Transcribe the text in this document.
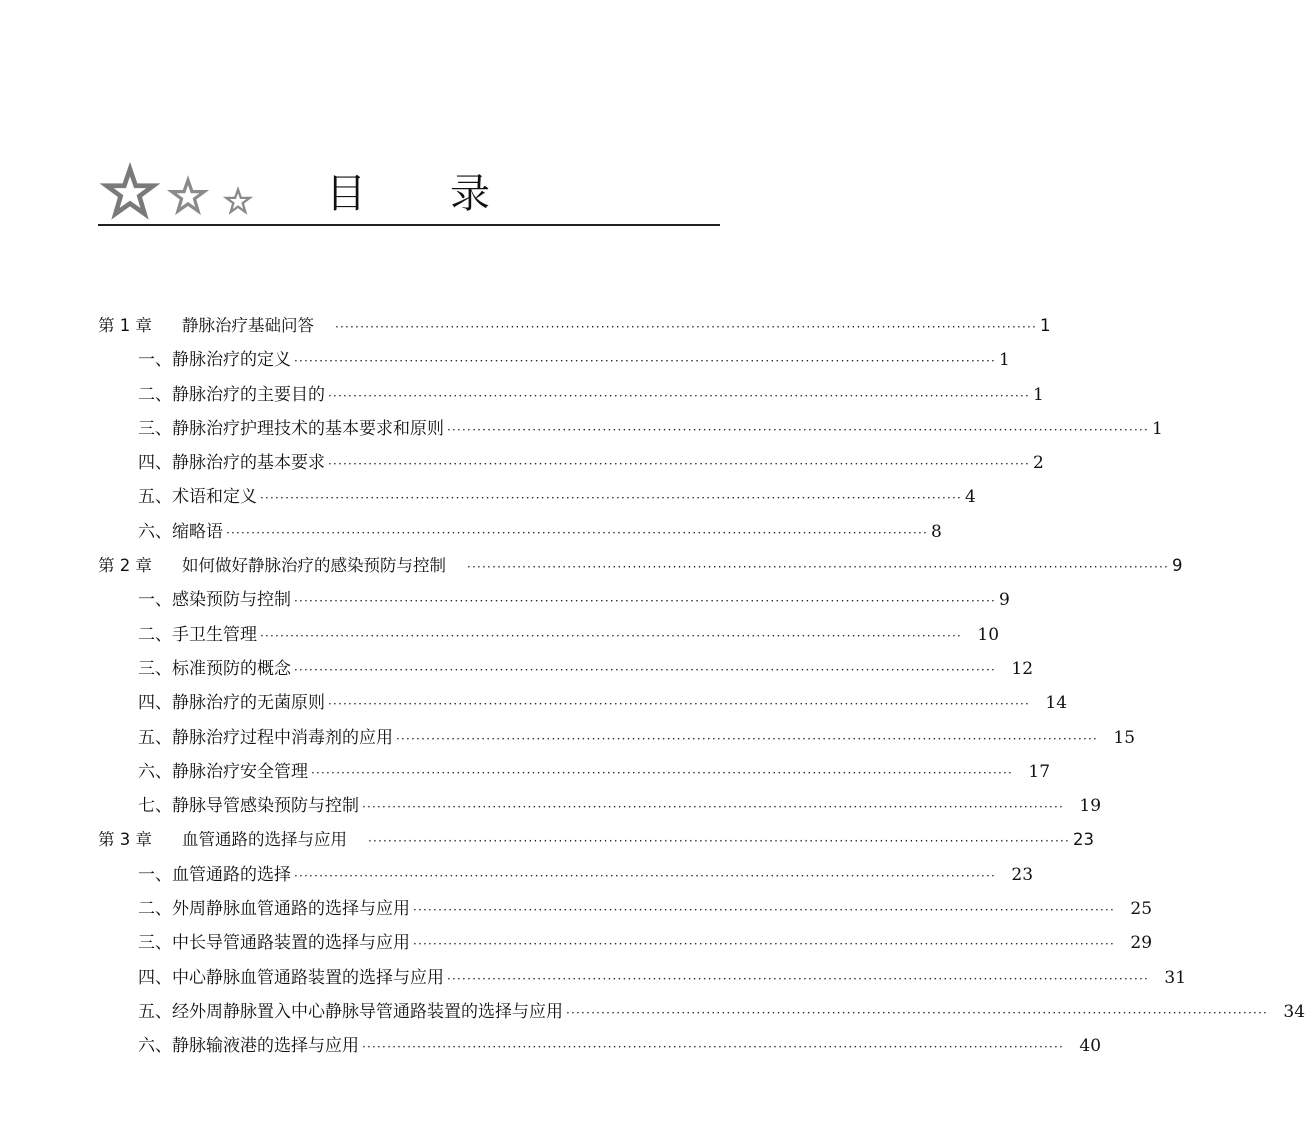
目 录
第 1 章	静脉治疗基础问答 ············································································································································ 1
一、静脉治疗的定义 ············································································································································ 1
二、静脉治疗的主要目的 ············································································································································ 1
三、静脉治疗护理技术的基本要求和原则 ············································································································································ 1
四、静脉治疗的基本要求 ············································································································································ 2
五、术语和定义 ············································································································································ 4
六、缩略语 ············································································································································ 8
第 2 章	如何做好静脉治疗的感染预防与控制 ············································································································································ 9
一、感染预防与控制 ············································································································································ 9
二、手卫生管理 ············································································································································ 10
三、标准预防的概念 ············································································································································ 12
四、静脉治疗的无菌原则 ············································································································································ 14
五、静脉治疗过程中消毒剂的应用 ············································································································································ 15
六、静脉治疗安全管理 ············································································································································ 17
七、静脉导管感染预防与控制 ············································································································································ 19
第 3 章	血管通路的选择与应用 ············································································································································ 23
一、血管通路的选择 ············································································································································ 23
二、外周静脉血管通路的选择与应用 ············································································································································ 25
三、中长导管通路装置的选择与应用 ············································································································································ 29
四、中心静脉血管通路装置的选择与应用 ············································································································································ 31
五、经外周静脉置入中心静脉导管通路装置的选择与应用 ············································································································································ 34
六、静脉输液港的选择与应用 ············································································································································ 40
